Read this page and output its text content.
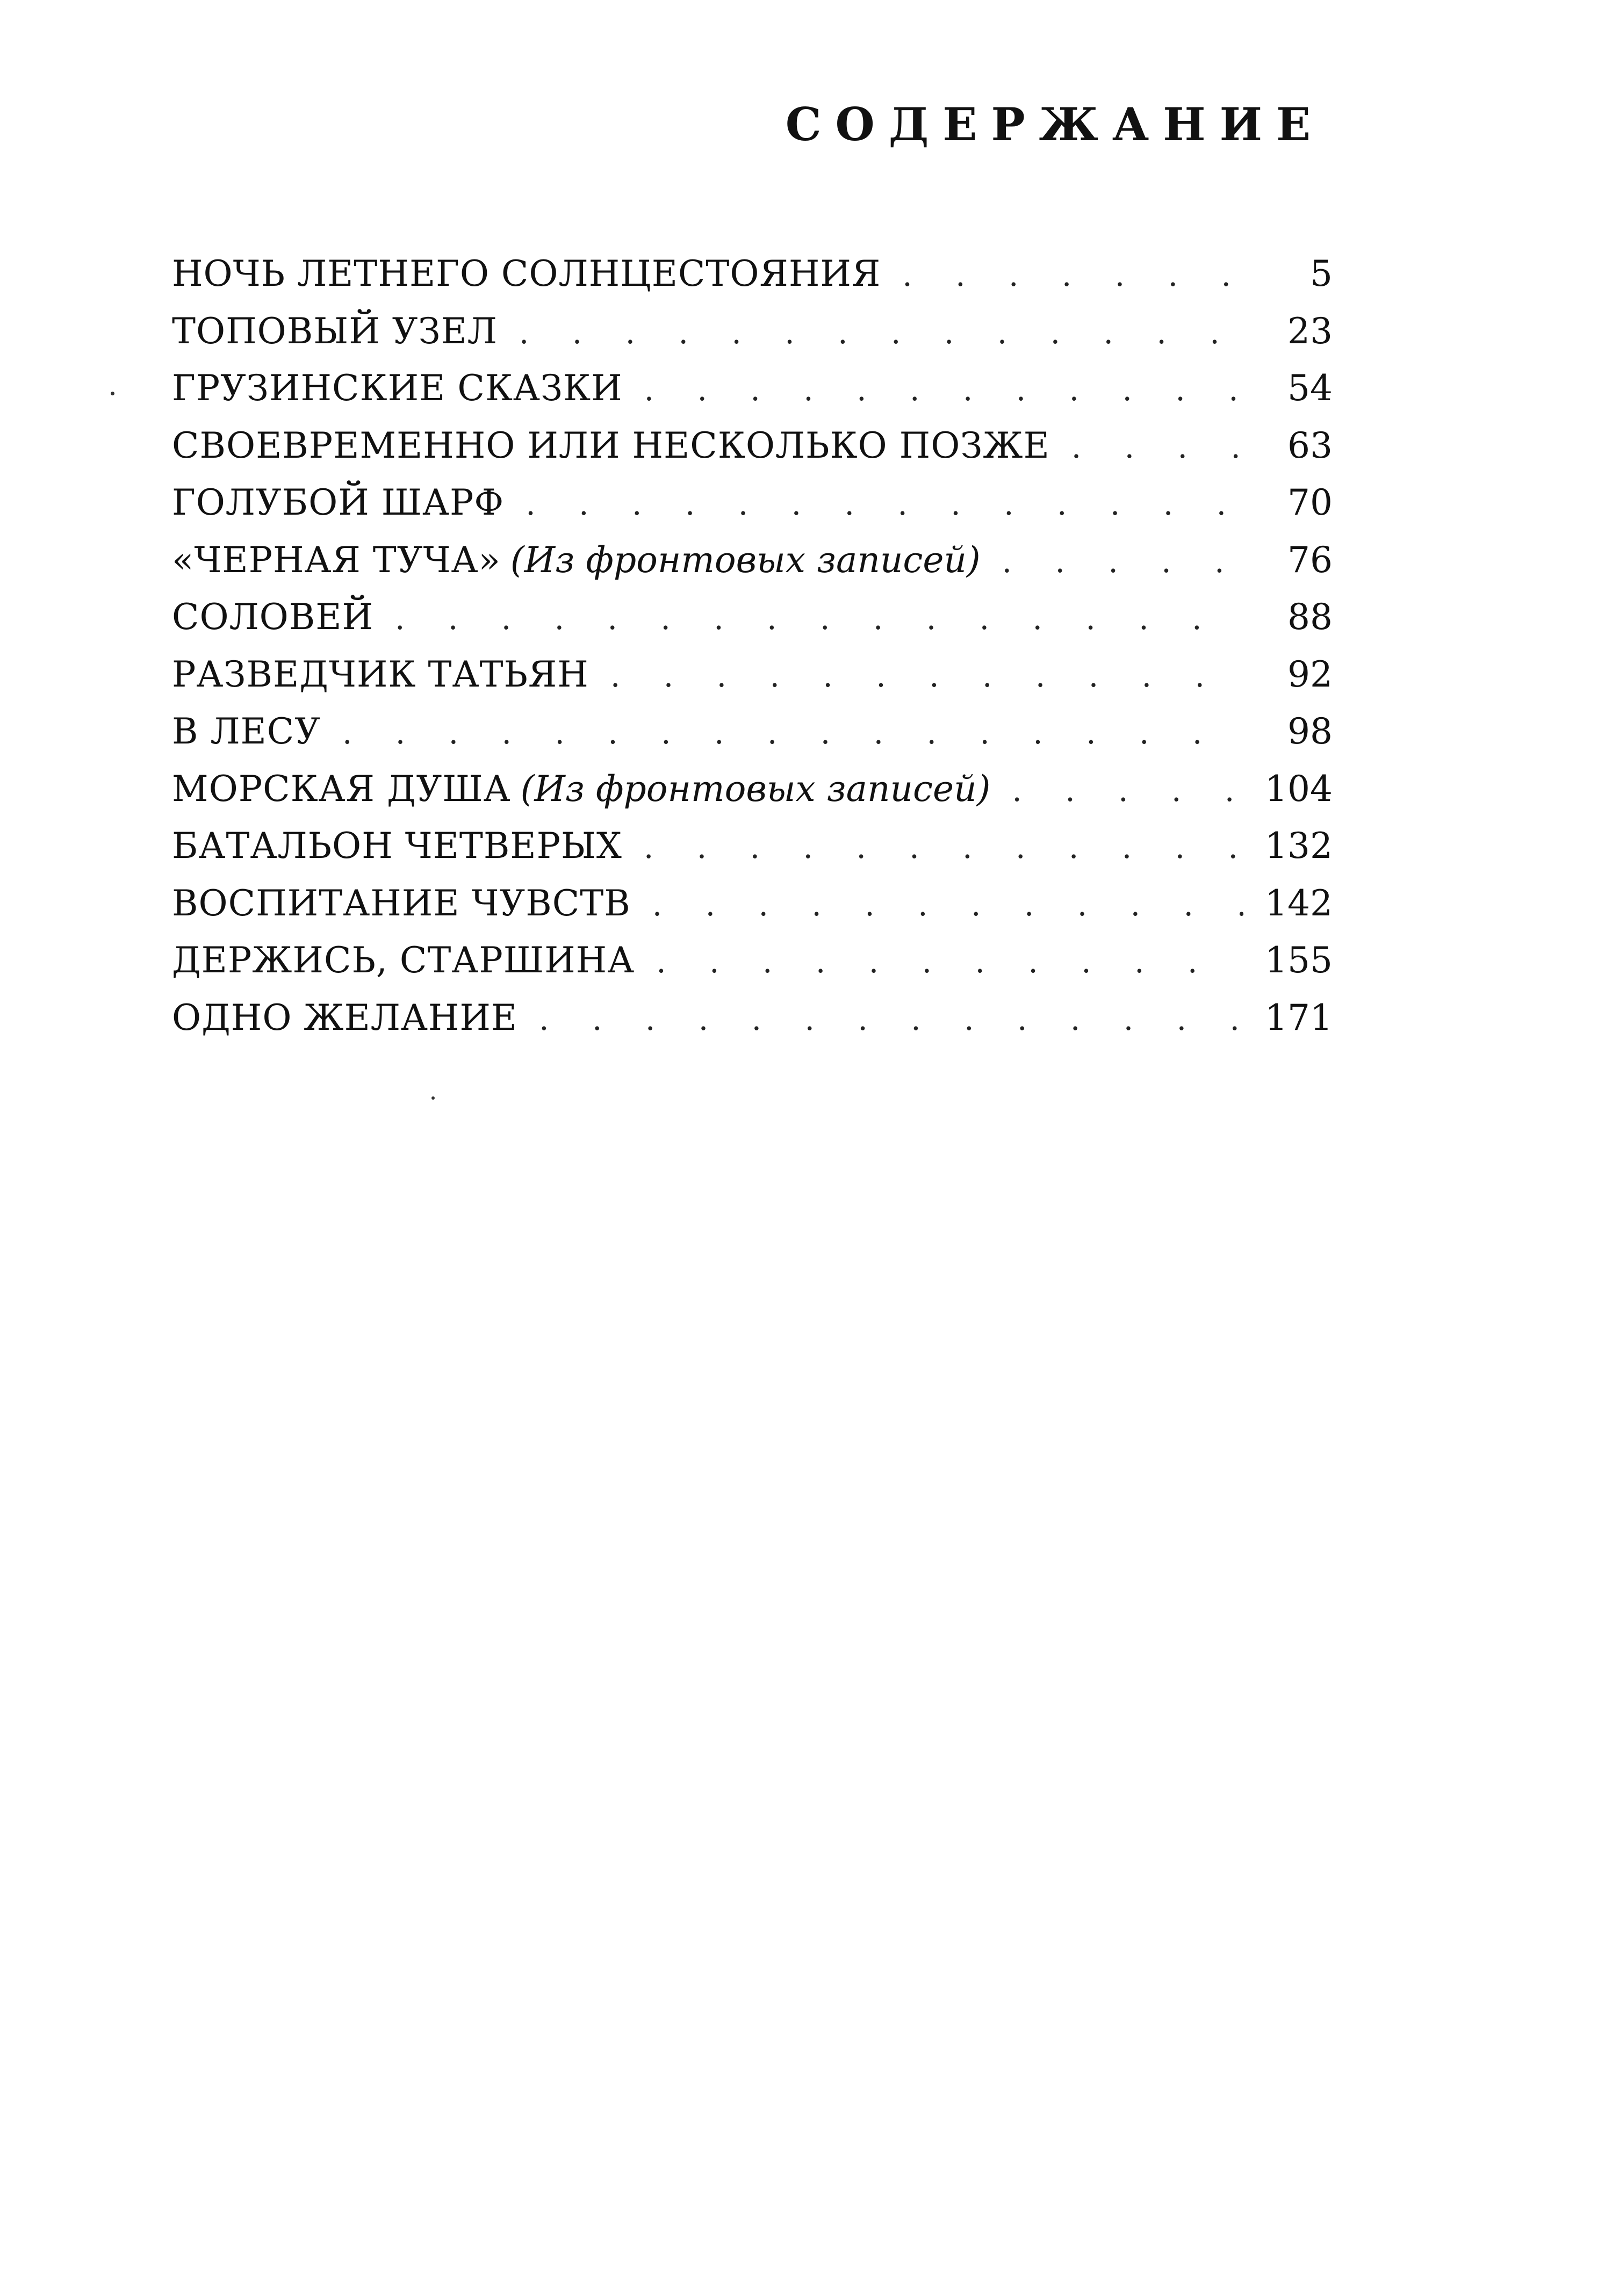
СОДЕРЖАНИЕ
НОЧЬ ЛЕТНЕГО СОЛНЦЕСТОЯНИЯ . . .	5
ТОПОВЫЙ УЗЕЛ . . .	23
ГРУЗИНСКИЕ СКАЗКИ . . .	54
СВОЕВРЕМЕННО ИЛИ НЕСКОЛЬКО ПОЗЖЕ . . .	63
ГОЛУБОЙ ШАРФ . . .	70
«ЧЕРНАЯ ТУЧА» (Из фронтовых записей) . . .	76
СОЛОВЕЙ . . .	88
РАЗВЕДЧИК ТАТЬЯН . . .	92
В ЛЕСУ . . .	98
МОРСКАЯ ДУША (Из фронтовых записей) . . .	104
БАТАЛЬОН ЧЕТВЕРЫХ . . .	132
ВОСПИТАНИЕ ЧУВСТВ . . .	142
ДЕРЖИСЬ, СТАРШИНА . . .	155
ОДНО ЖЕЛАНИЕ . . .	171
